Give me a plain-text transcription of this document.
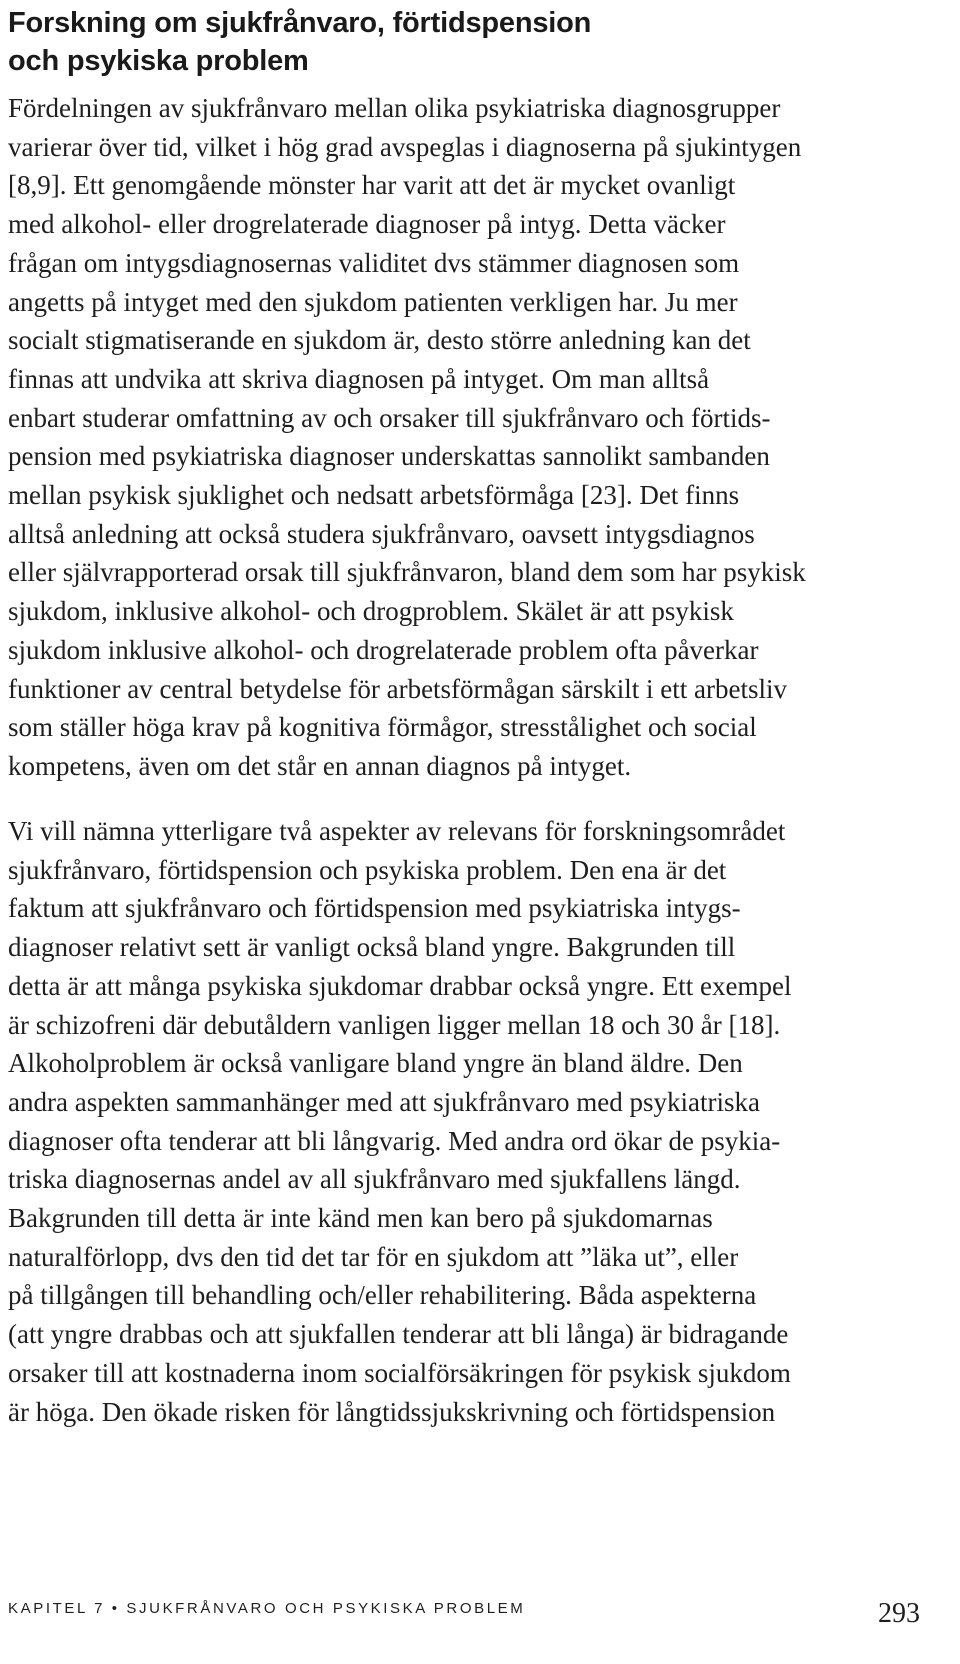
Forskning om sjukfrånvaro, förtidspension
och psykiska problem

Fördelningen av sjukfrånvaro mellan olika psykiatriska diagnosgrupper
varierar över tid, vilket i hög grad avspeglas i diagnoserna på sjukintygen
[8,9]. Ett genomgående mönster har varit att det är mycket ovanligt
med alkohol- eller drogrelaterade diagnoser på intyg. Detta väcker
frågan om intygsdiagnosernas validitet dvs stämmer diagnosen som
angetts på intyget med den sjukdom patienten verkligen har. Ju mer
socialt stigmatiserande en sjukdom är, desto större anledning kan det
finnas att undvika att skriva diagnosen på intyget. Om man alltså
enbart studerar omfattning av och orsaker till sjukfrånvaro och förtids-
pension med psykiatriska diagnoser underskattas sannolikt sambanden
mellan psykisk sjuklighet och nedsatt arbetsförmåga [23]. Det finns
alltså anledning att också studera sjukfrånvaro, oavsett intygsdiagnos
eller självrapporterad orsak till sjukfrånvaron, bland dem som har psykisk
sjukdom, inklusive alkohol- och drogproblem. Skälet är att psykisk
sjukdom inklusive alkohol- och drogrelaterade problem ofta påverkar
funktioner av central betydelse för arbetsförmågan särskilt i ett arbetsliv
som ställer höga krav på kognitiva förmågor, stresstålighet och social
kompetens, även om det står en annan diagnos på intyget.

Vi vill nämna ytterligare två aspekter av relevans för forskningsområdet
sjukfrånvaro, förtidspension och psykiska problem. Den ena är det
faktum att sjukfrånvaro och förtidspension med psykiatriska intygs-
diagnoser relativt sett är vanligt också bland yngre. Bakgrunden till
detta är att många psykiska sjukdomar drabbar också yngre. Ett exempel
är schizofreni där debutåldern vanligen ligger mellan 18 och 30 år [18].
Alkoholproblem är också vanligare bland yngre än bland äldre. Den
andra aspekten sammanhänger med att sjukfrånvaro med psykiatriska
diagnoser ofta tenderar att bli långvarig. Med andra ord ökar de psykia-
triska diagnosernas andel av all sjukfrånvaro med sjukfallens längd.
Bakgrunden till detta är inte känd men kan bero på sjukdomarnas
naturalförlopp, dvs den tid det tar för en sjukdom att ”läka ut”, eller
på tillgången till behandling och/eller rehabilitering. Båda aspekterna
(att yngre drabbas och att sjukfallen tenderar att bli långa) är bidragande
orsaker till att kostnaderna inom socialförsäkringen för psykisk sjukdom
är höga. Den ökade risken för långtidssjukskrivning och förtidspension

KAPITEL 7 • SJUKFRÅNVARO OCH PSYKISKA PROBLEM	293
